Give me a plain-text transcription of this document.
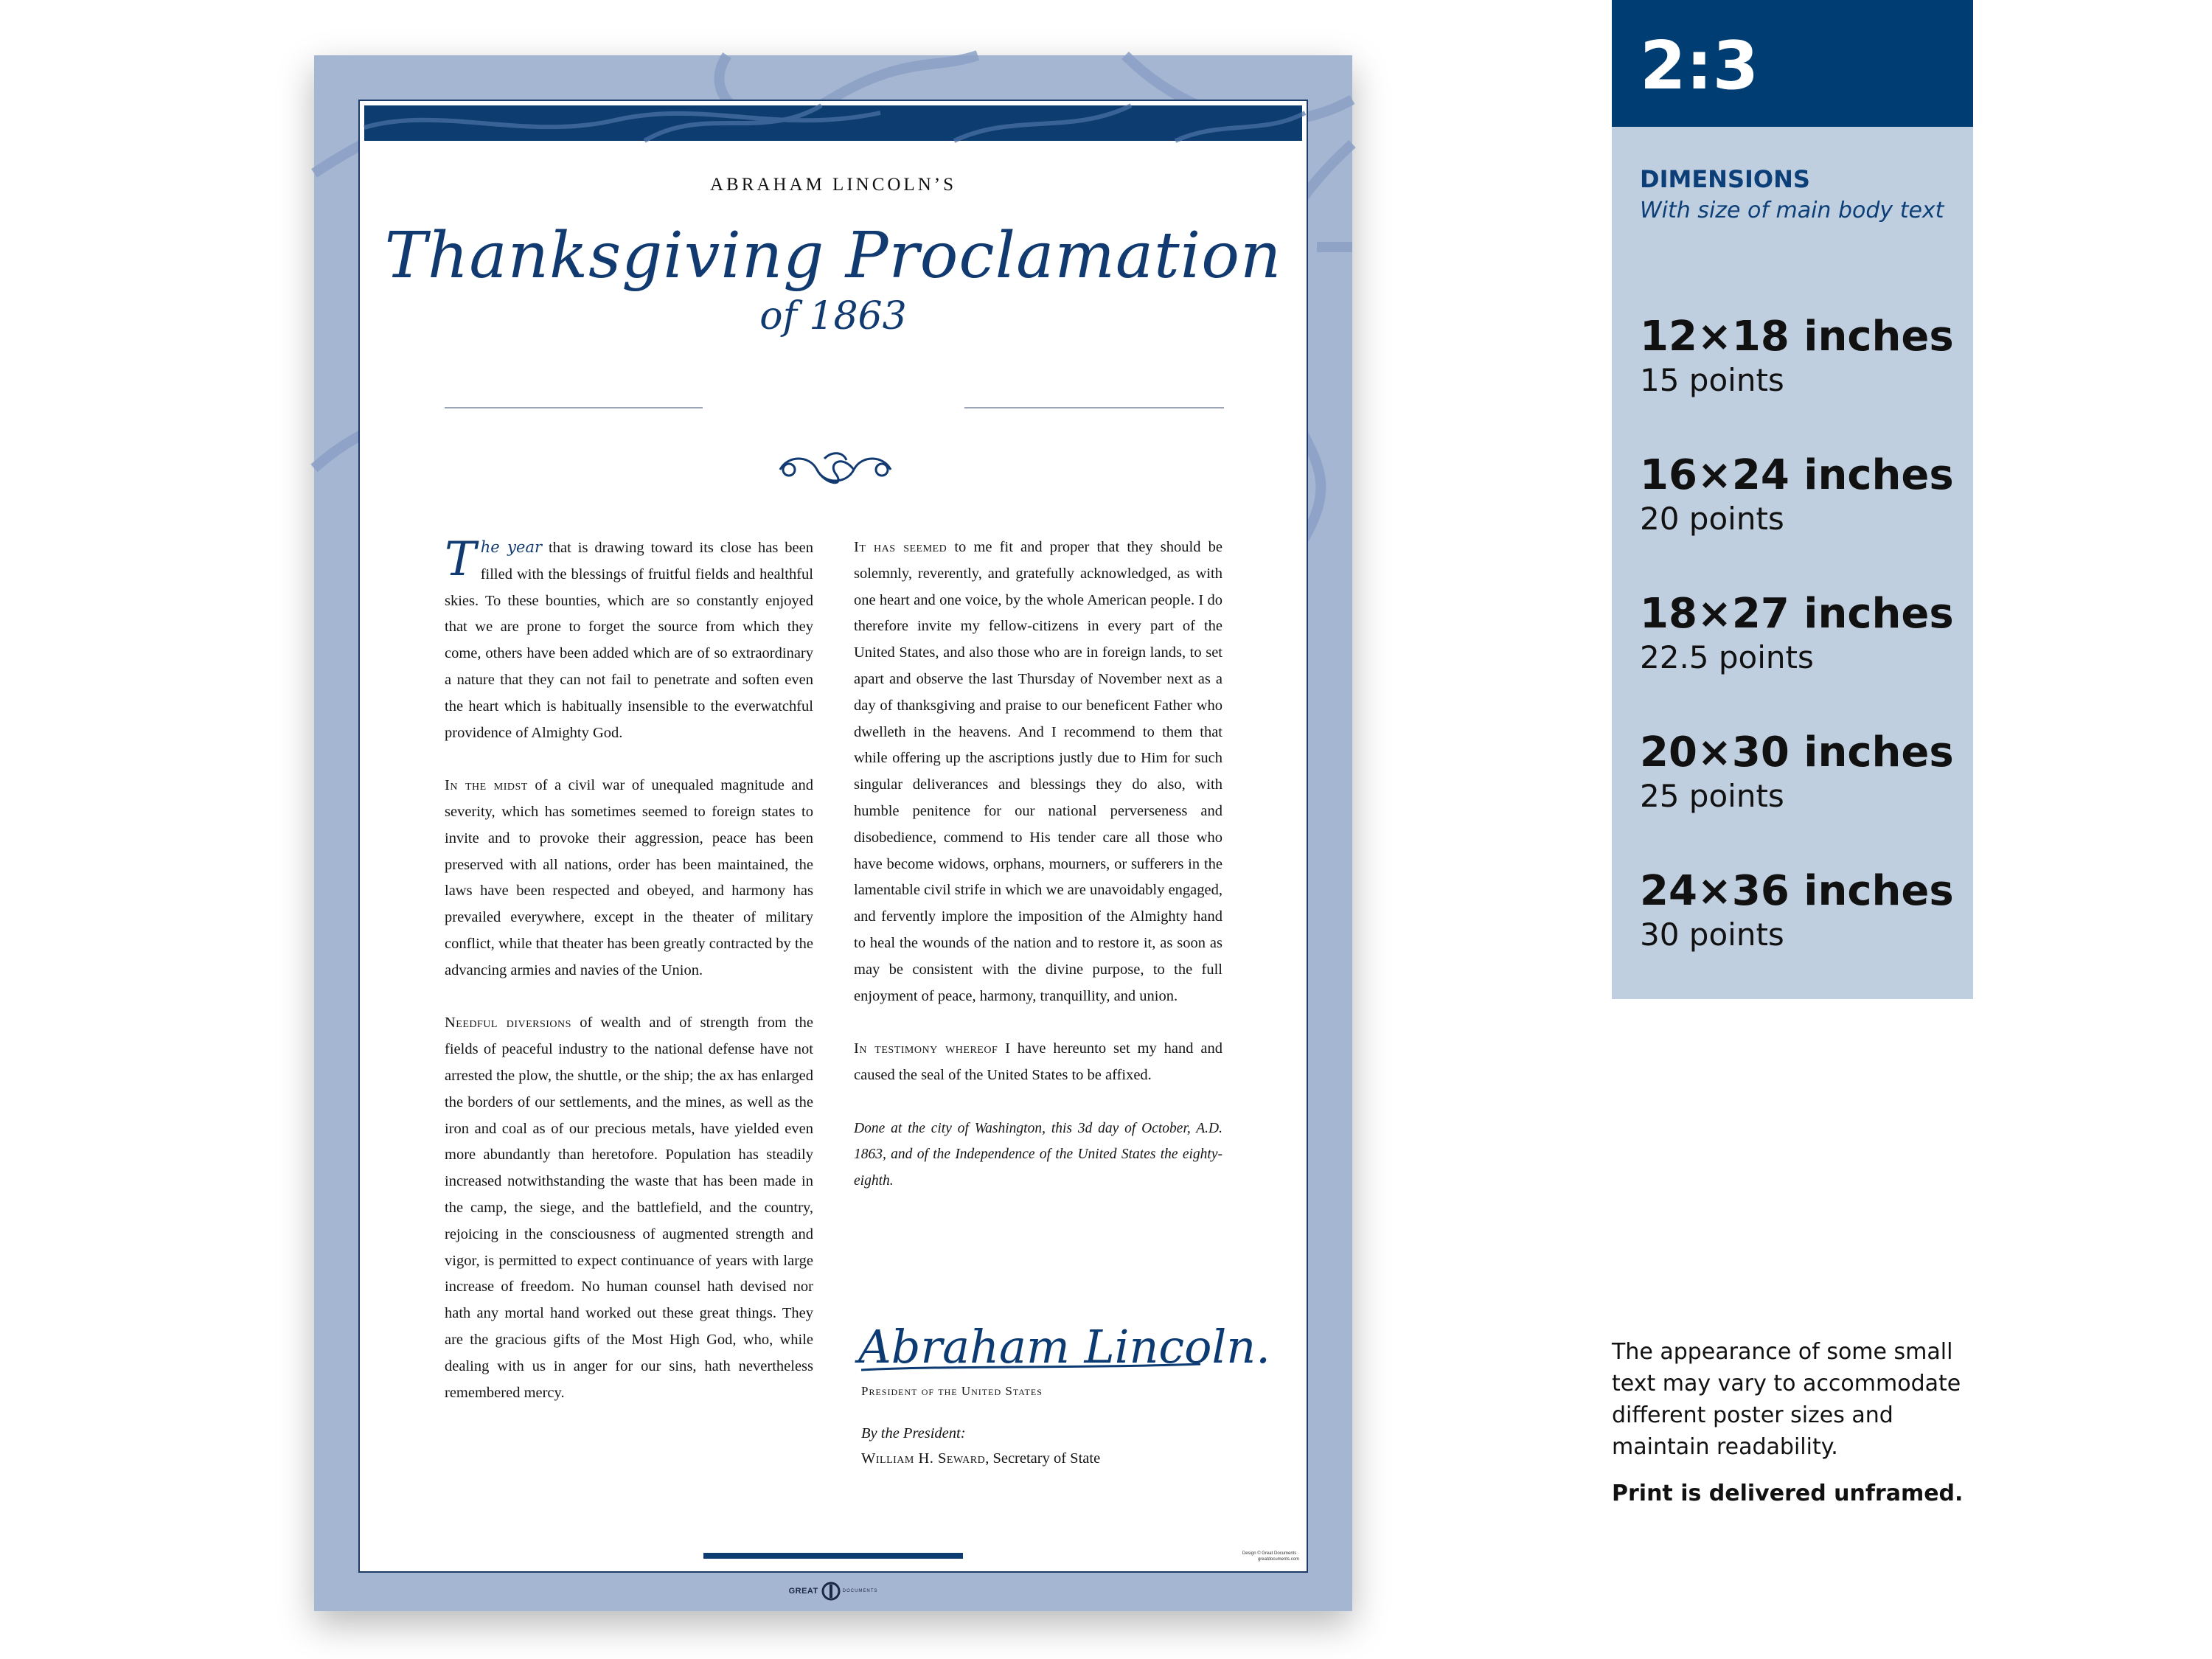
ABRAHAM LINCOLN’S
Thanksgiving Proclamation
of 1863

The year that is drawing toward its close has been filled with the blessings of fruitful fields and healthful skies. To these bounties, which are so constantly enjoyed that we are prone to forget the source from which they come, others have been added which are of so extraordinary a nature that they can not fail to penetrate and soften even the heart which is habitually insensible to the everwatchful providence of Almighty God.

In the midst of a civil war of unequaled magnitude and severity, which has sometimes seemed to foreign states to invite and to provoke their aggression, peace has been preserved with all nations, order has been maintained, the laws have been respected and obeyed, and harmony has prevailed everywhere, except in the theater of military conflict, while that theater has been greatly contracted by the advancing armies and navies of the Union.

Needful diversions of wealth and of strength from the fields of peaceful industry to the national defense have not arrested the plow, the shuttle, or the ship; the ax has enlarged the borders of our settlements, and the mines, as well as the iron and coal as of our precious metals, have yielded even more abundantly than heretofore. Population has steadily increased notwithstanding the waste that has been made in the camp, the siege, and the battlefield, and the country, rejoicing in the consciousness of augmented strength and vigor, is permitted to expect continuance of years with large increase of freedom. No human counsel hath devised nor hath any mortal hand worked out these great things. They are the gracious gifts of the Most High God, who, while dealing with us in anger for our sins, hath nevertheless remembered mercy.

It has seemed to me fit and proper that they should be solemnly, reverently, and gratefully acknowledged, as with one heart and one voice, by the whole American people. I do therefore invite my fellow-citizens in every part of the United States, and also those who are in foreign lands, to set apart and observe the last Thursday of November next as a day of thanksgiving and praise to our beneficent Father who dwelleth in the heavens. And I recommend to them that while offering up the ascriptions justly due to Him for such singular deliverances and blessings they do also, with humble penitence for our national perverseness and disobedience, commend to His tender care all those who have become widows, orphans, mourners, or sufferers in the lamentable civil strife in which we are unavoidably engaged, and fervently implore the imposition of the Almighty hand to heal the wounds of the nation and to restore it, as soon as may be consistent with the divine purpose, to the full enjoyment of peace, harmony, tranquillity, and union.

In testimony whereof I have hereunto set my hand and caused the seal of the United States to be affixed.

Done at the city of Washington, this 3d day of October, A.D. 1863, and of the Independence of the United States the eighty-eighth.

Abraham Lincoln.
President of the United States
By the President:
William H. Seward, Secretary of State
Design © Great Documents · greatdocuments.com
GREAT	DOCUMENTS
2:3
DIMENSIONS
With size of main body text
12×18 inches
15 points
16×24 inches
20 points
18×27 inches
22.5 points
20×30 inches
25 points
24×36 inches
30 points
The appearance of some small text may vary to accommodate different poster sizes and maintain readability.
Print is delivered unframed.
